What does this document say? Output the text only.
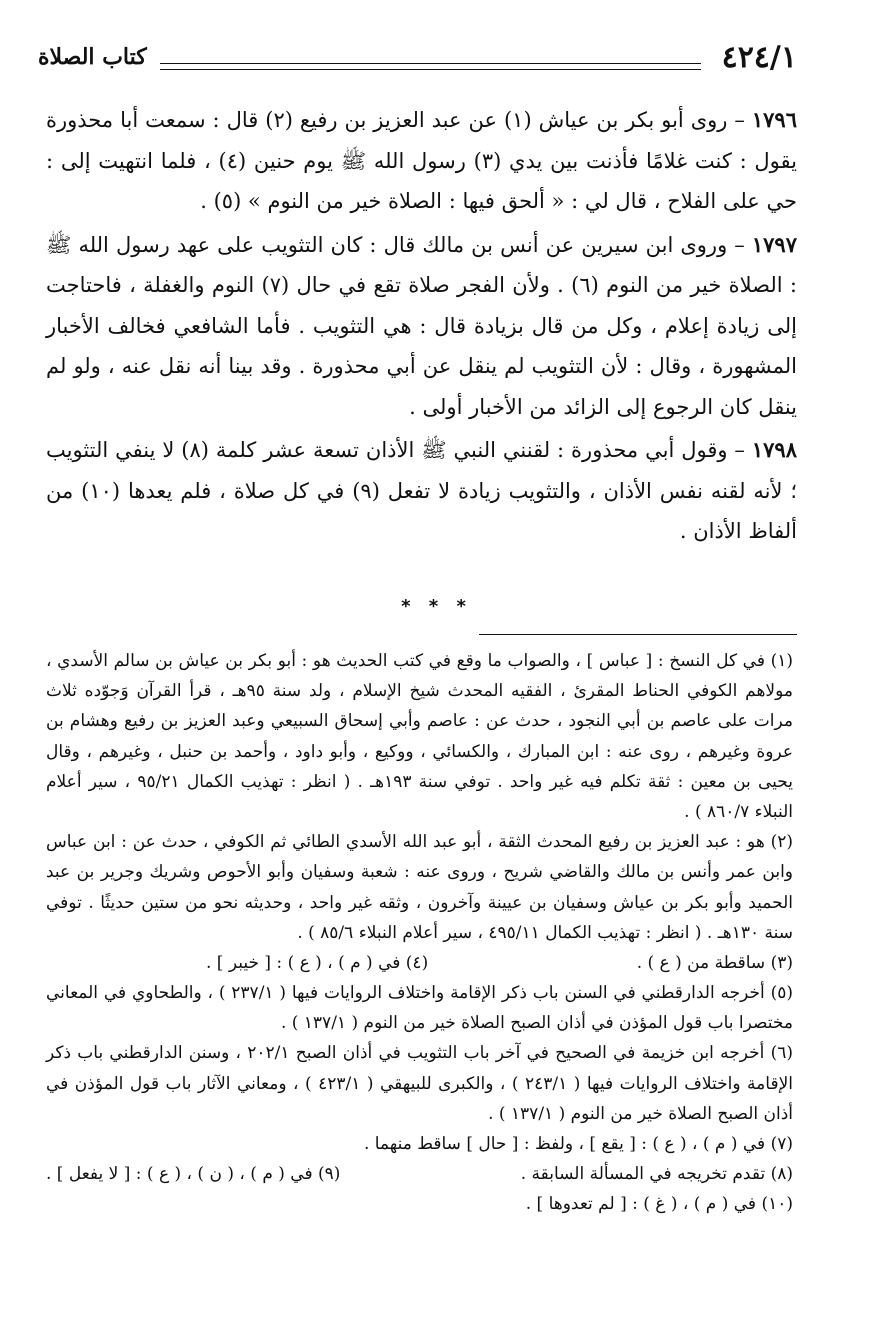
كتاب الصلاة	٤٢٤/١

١٧٩٦ – روى أبو بكر بن عياش (١) عن عبد العزيز بن رفيع (٢) قال : سمعت أبا محذورة يقول : كنت غلامًا فأذنت بين يدي (٣) رسول الله ﷺ يوم حنين (٤) ، فلما انتهيت إلى : حي على الفلاح ، قال لي : « ألحق فيها : الصلاة خير من النوم » (٥) .

١٧٩٧ – وروى ابن سيرين عن أنس بن مالك قال : كان التثويب على عهد رسول الله ﷺ : الصلاة خير من النوم (٦) . ولأن الفجر صلاة تقع في حال (٧) النوم والغفلة ، فاحتاجت إلى زيادة إعلام ، وكل من قال بزيادة قال : هي التثويب . فأما الشافعي فخالف الأخبار المشهورة ، وقال : لأن التثويب لم ينقل عن أبي محذورة . وقد بينا أنه نقل عنه ، ولو لم ينقل كان الرجوع إلى الزائد من الأخبار أولى .

١٧٩٨ – وقول أبي محذورة : لقنني النبي ﷺ الأذان تسعة عشر كلمة (٨) لا ينفي التثويب ؛ لأنه لقنه نفس الأذان ، والتثويب زيادة لا تفعل (٩) في كل صلاة ، فلم يعدها (١٠) من ألفاظ الأذان .

* * *

(١) في كل النسخ : [ عباس ] ، والصواب ما وقع في كتب الحديث هو : أبو بكر بن عياش بن سالم الأسدي ، مولاهم الكوفي الحناط المقرئ ، الفقيه المحدث شيخ الإسلام ، ولد سنة ٩٥هـ ، قرأ القرآن وَجوّده ثلاث مرات على عاصم بن أبي النجود ، حدث عن : عاصم وأبي إسحاق السبيعي وعبد العزيز بن رفيع وهشام بن عروة وغيرهم ، روى عنه : ابن المبارك ، والكسائي ، ووكيع ، وأبو داود ، وأحمد بن حنبل ، وغيرهم ، وقال يحيى بن معين : ثقة تكلم فيه غير واحد . توفي سنة ١٩٣هـ . ( انظر : تهذيب الكمال ٩٥/٢١ ، سير أعلام النبلاء ٨٦٠/٧ ) .

(٢) هو : عبد العزيز بن رفيع المحدث الثقة ، أبو عبد الله الأسدي الطائي ثم الكوفي ، حدث عن : ابن عباس وابن عمر وأنس بن مالك والقاضي شريح ، وروى عنه : شعبة وسفيان وأبو الأحوص وشريك وجرير بن عبد الحميد وأبو بكر بن عياش وسفيان بن عيينة وآخرون ، وثقه غير واحد ، وحديثه نحو من ستين حديثًا . توفي سنة ١٣٠هـ . ( انظر : تهذيب الكمال ٤٩٥/١١ ، سير أعلام النبلاء ٨٥/٦ ) .

(٣) ساقطة من ( ع ) .
(٤) في ( م ) ، ( ع ) : [ خيبر ] .

(٥) أخرجه الدارقطني في السنن باب ذكر الإقامة واختلاف الروايات فيها ( ٢٣٧/١ ) ، والطحاوي في المعاني مختصرا باب قول المؤذن في أذان الصبح الصلاة خير من النوم ( ١٣٧/١ ) .

(٦) أخرجه ابن خزيمة في الصحيح في آخر باب التثويب في أذان الصبح ٢٠٢/١ ، وسنن الدارقطني باب ذكر الإقامة واختلاف الروايات فيها ( ٢٤٣/١ ) ، والكبرى للبيهقي ( ٤٢٣/١ ) ، ومعاني الآثار باب قول المؤذن في أذان الصبح الصلاة خير من النوم ( ١٣٧/١ ) .

(٧) في ( م ) ، ( ع ) : [ يقع ] ، ولفظ : [ حال ] ساقط منهما .

(٨) تقدم تخريجه في المسألة السابقة .
(٩) في ( م ) ، ( ن ) ، ( ع ) : [ لا يفعل ] .

(١٠) في ( م ) ، ( غ ) : [ لم تعدوها ] .
